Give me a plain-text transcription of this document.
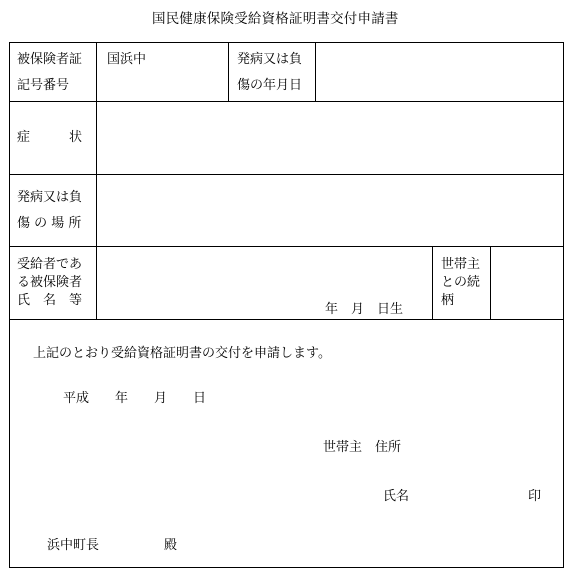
国民健康保険受給資格証明書交付申請書
被保険者証
記号番号
国浜中	発病又は負
傷の年月日
症　　　状
発病又は負
傷 の 場 所
受給者であ
る被保険者
氏　名　等
年　月　日生
世帯主
との続
柄
上記のとおり受給資格証明書の交付を申請します。
平成　　年　　月　　日
世帯主　住所
氏名	印
浜中町長　　　　　殿
